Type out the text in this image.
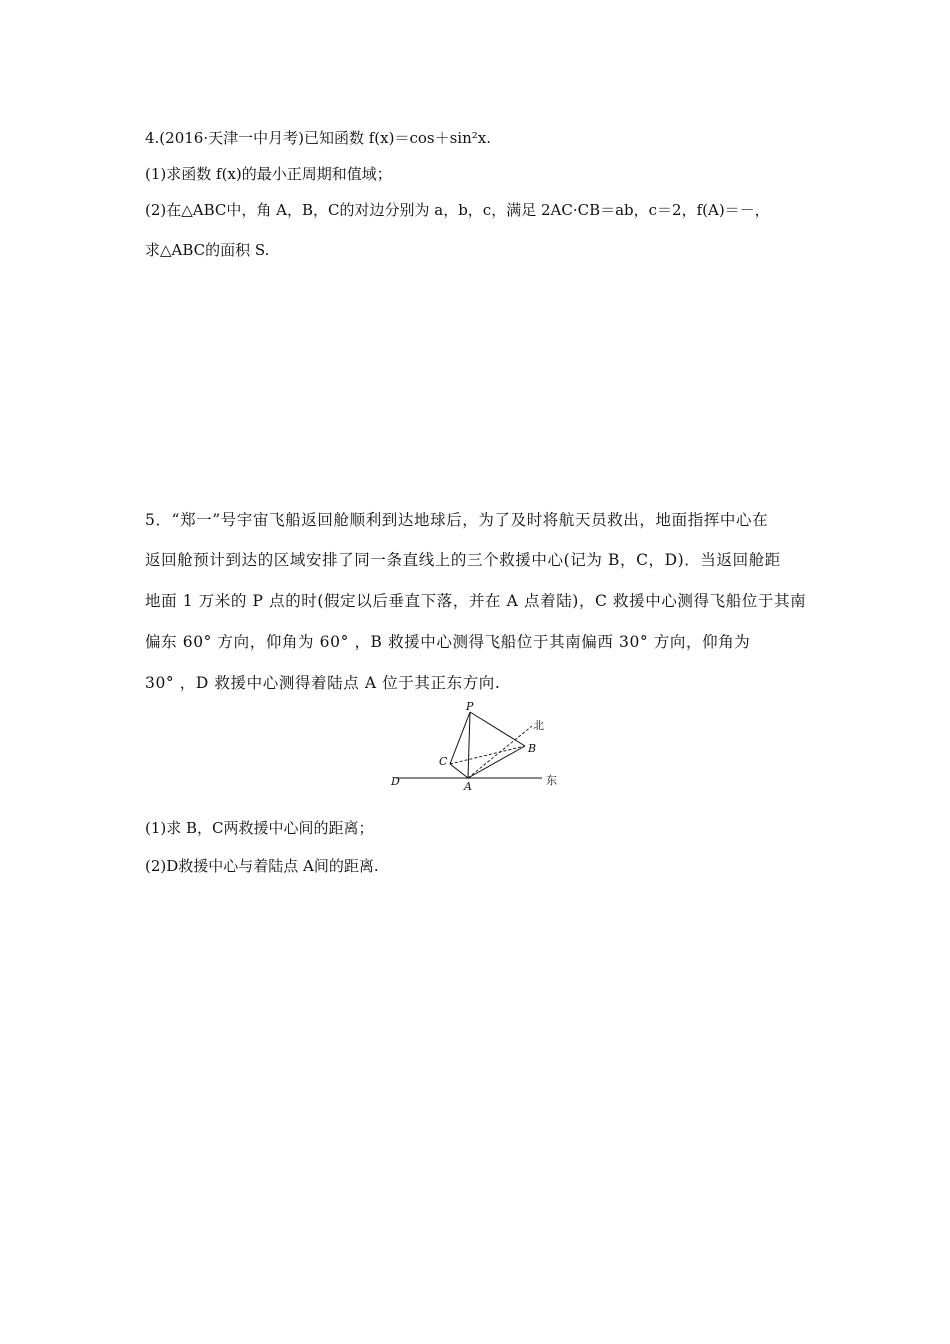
4.(2016·天津一中月考)已知函数 f(x)＝cos＋sin²x.
(1)求函数 f(x)的最小正周期和值域；
(2)在△ABC中，角 A，B，C的对边分别为 a，b，c，满足 2AC·CB＝ab，c＝2，f(A)＝－，
求△ABC的面积 S.
5．“郑一”号宇宙飞船返回舱顺利到达地球后，为了及时将航天员救出，地面指挥中心在
返回舱预计到达的区域安排了同一条直线上的三个救援中心(记为 B，C，D)．当返回舱距
地面 1 万米的 P 点的时(假定以后垂直下落，并在 A 点着陆)，C 救援中心测得飞船位于其南
偏东 60° 方向，仰角为 60° ，B 救援中心测得飞船位于其南偏西 30° 方向，仰角为
30° ，D 救援中心测得着陆点 A 位于其正东方向.
P
C
B
A
D
北
东
(1)求 B，C两救援中心间的距离；
(2)D救援中心与着陆点 A间的距离.
